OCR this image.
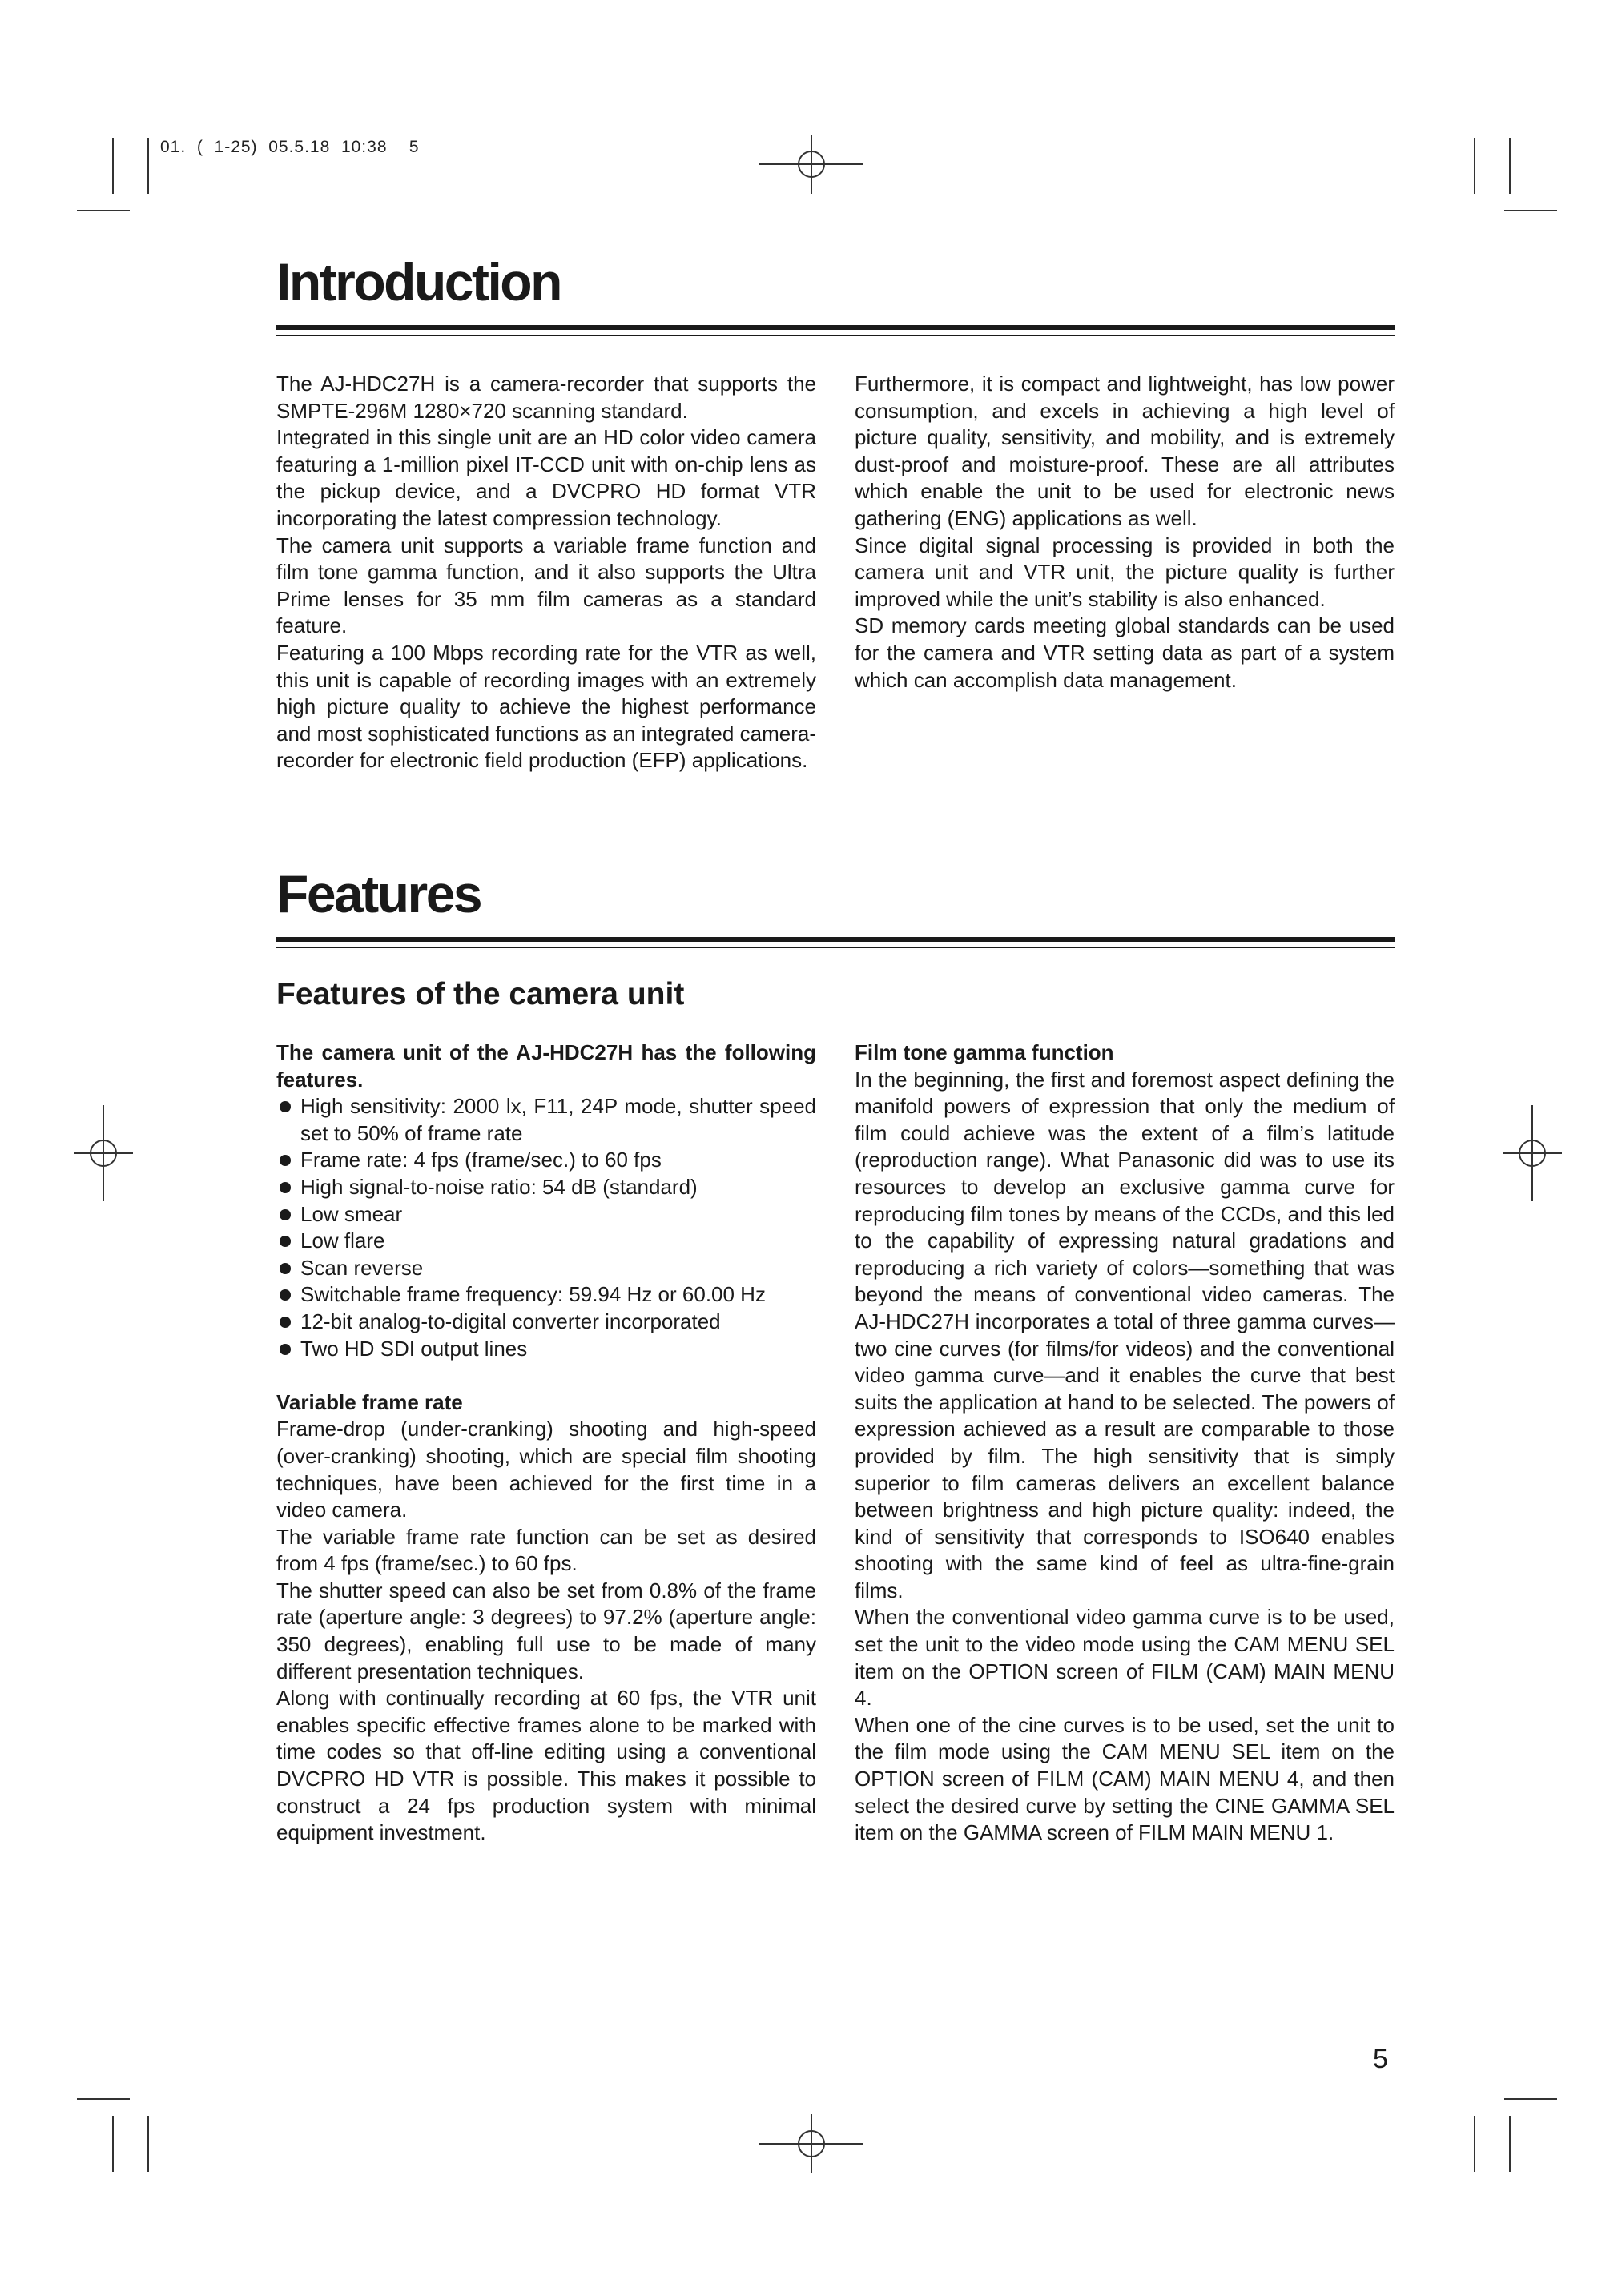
01.  (  1-25)  05.5.18  10:38    5
Introduction

The AJ-HDC27H is a camera-recorder that supports the SMPTE-296M 1280×720 scanning standard.

Integrated in this single unit are an HD color video camera featuring a 1-million pixel IT-CCD unit with on-chip lens as the pickup device, and a DVCPRO HD format VTR incorporating the latest compression technology.

The camera unit supports a variable frame function and film tone gamma function, and it also supports the Ultra Prime lenses for 35 mm film cameras as a standard feature.

Featuring a 100 Mbps recording rate for the VTR as well, this unit is capable of recording images with an extremely high picture quality to achieve the highest performance and most sophisticated functions as an integrated camera-recorder for electronic field production (EFP) applications.

Furthermore, it is compact and lightweight, has low power consumption, and excels in achieving a high level of picture quality, sensitivity, and mobility, and is extremely dust-proof and moisture-proof. These are all attributes which enable the unit to be used for electronic news gathering (ENG) applications as well.

Since digital signal processing is provided in both the camera unit and VTR unit, the picture quality is further improved while the unit’s stability is also enhanced.

SD memory cards meeting global standards can be used for the camera and VTR setting data as part of a system which can accomplish data management.

Features
Features of the camera unit

The camera unit of the AJ-HDC27H has the following features.

High sensitivity: 2000 lx, F11, 24P mode, shutter speed set to 50% of frame rate
Frame rate: 4 fps (frame/sec.) to 60 fps
High signal-to-noise ratio: 54 dB (standard)
Low smear
Low flare
Scan reverse
Switchable frame frequency: 59.94 Hz or 60.00 Hz
12-bit analog-to-digital converter incorporated
Two HD SDI output lines

Variable frame rate

Frame-drop (under-cranking) shooting and high-speed (over-cranking) shooting, which are special film shooting techniques, have been achieved for the first time in a video camera.

The variable frame rate function can be set as desired from 4 fps (frame/sec.) to 60 fps.

The shutter speed can also be set from 0.8% of the frame rate (aperture angle: 3 degrees) to 97.2% (aperture angle: 350 degrees), enabling full use to be made of many different presentation techniques.

Along with continually recording at 60 fps, the VTR unit enables specific effective frames alone to be marked with time codes so that off-line editing using a conventional DVCPRO HD VTR is possible. This makes it possible to construct a 24 fps production system with minimal equipment investment.

Film tone gamma function

In the beginning, the first and foremost aspect defining the manifold powers of expression that only the medium of film could achieve was the extent of a film’s latitude (reproduction range). What Panasonic did was to use its resources to develop an exclusive gamma curve for reproducing film tones by means of the CCDs, and this led to the capability of expressing natural gradations and reproducing a rich variety of colors—something that was beyond the means of conventional video cameras. The AJ-HDC27H incorporates a total of three gamma curves—two cine curves (for films/for videos) and the conventional video gamma curve—and it enables the curve that best suits the application at hand to be selected. The powers of expression achieved as a result are comparable to those provided by film. The high sensitivity that is simply superior to film cameras delivers an excellent balance between brightness and high picture quality: indeed, the kind of sensitivity that corresponds to ISO640 enables shooting with the same kind of feel as ultra-fine-grain films.

When the conventional video gamma curve is to be used, set the unit to the video mode using the CAM MENU SEL item on the OPTION screen of FILM (CAM) MAIN MENU 4.

When one of the cine curves is to be used, set the unit to the film mode using the CAM MENU SEL item on the OPTION screen of FILM (CAM) MAIN MENU 4, and then select the desired curve by setting the CINE GAMMA SEL item on the GAMMA screen of FILM MAIN MENU 1.

5
